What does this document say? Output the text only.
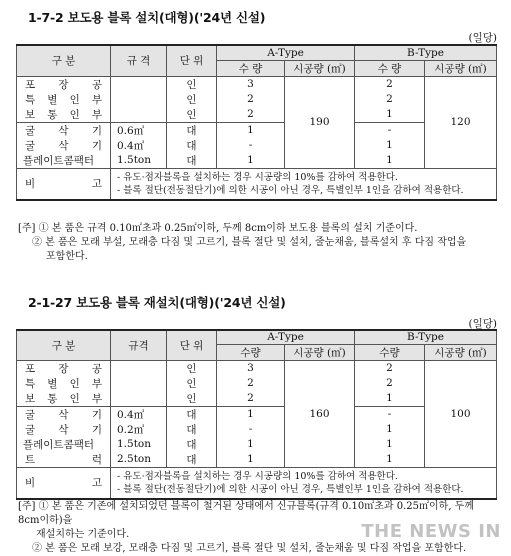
1-7-2 보도용 블록 설치(대형)('24년 신설)
(일당)
구 분	규 격	단 위	A-Type		B-Type	
			수 량	시공량 (㎡)	수 량	시공량 (㎡)
포 장 공		인	3	190	2	120
특 별 인 부		인	2		2	
보 통 인 부		인	2		1	
굴 삭 기	0.6㎥	대	1		-	
굴 삭 기	0.4㎥	대	-		1	
플레이트콤팩터	1.5ton	대	1		1	
비 고	- 유도·점자블록을 설치하는 경우 시공량의 10%를 감하여 적용한다.
- 블록 절단(전동절단기)에 의한 시공이 아닌 경우, 특별인부 1인을 감하여 적용한다.					

[주] ① 본 품은 규격 0.10㎡초과 0.25㎡이하, 두께 8cm이하 보도용 블록의 설치 기준이다.

② 본 품은 모래 부설, 모래층 다짐 및 고르기, 블록 절단 및 설치, 줄눈채움, 블록설치 후 다짐 작업을

포함한다.

2-1-27 보도용 블록 재설치(대형)('24년 신설)
(일당)
구 분	규격	단 위	A-Type		B-Type	
			수량	시공량 (㎡)	수량	시공량 (㎡)
포 장 공		인	3	160	2	100
특 별 인 부		인	2		2	
보 통 인 부		인	2		1	
굴 삭 기	0.4㎥	대	1		-	
굴 삭 기	0.2㎥	대	-		1	
플레이트콤팩터	1.5ton	대	1		1	
트 럭	2.5ton	대	1		1	
비 고	- 유도·점자블록을 설치하는 경우 시공량의 10%를 감하여 적용한다.
- 블록 절단(전동절단기)에 의한 시공이 아닌 경우, 특별인부 1인을 감하여 적용한다.					

[주] ① 본 품은 기존에 설치되었던 블록이 철거된 상태에서 신규블록(규격 0.10㎡초과 0.25㎡이하, 두께 8cm이하)을

재설치하는 기준이다.

② 본 품은 모래 보강, 모래층 다짐 및 고르기, 블록 절단 및 설치, 줄눈채움 및 다짐 작업을 포함한다.

THE NEWS IN
